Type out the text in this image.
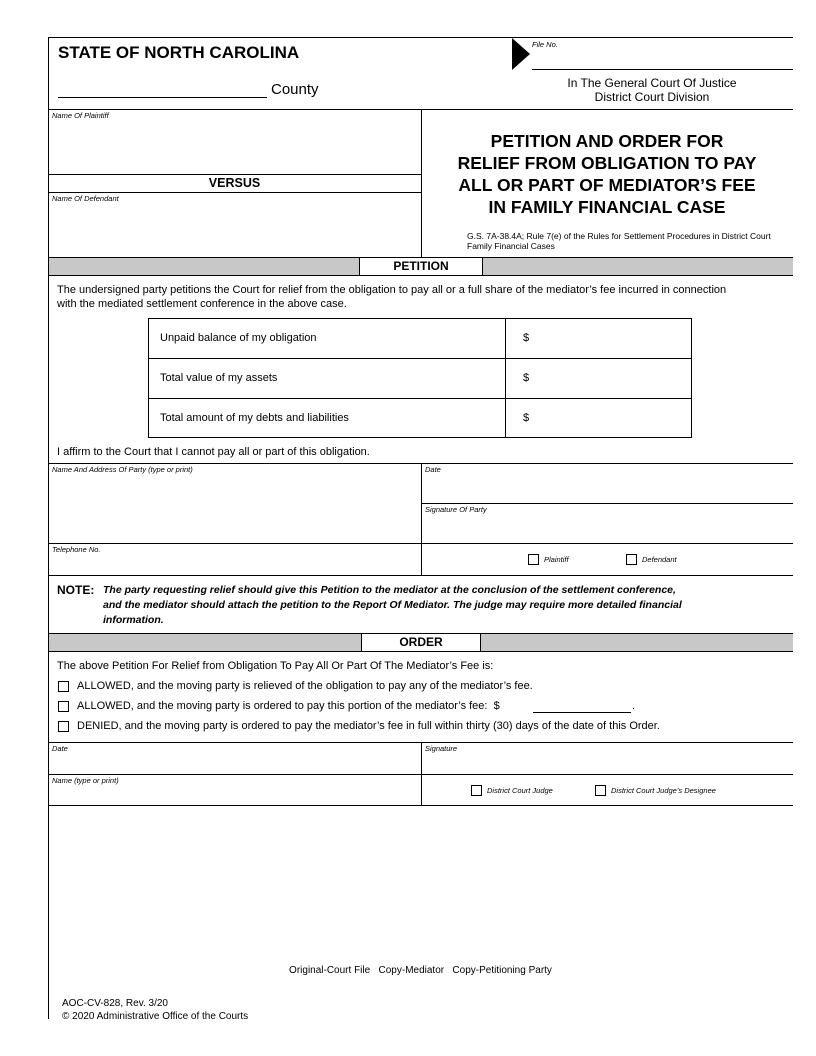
STATE OF NORTH CAROLINA
County
File No.
In The General Court Of Justice
District Court Division
Name Of Plaintiff
VERSUS
Name Of Defendant
PETITION AND ORDER FOR
RELIEF FROM OBLIGATION TO PAY
ALL OR PART OF MEDIATOR’S FEE
IN FAMILY FINANCIAL CASE
G.S. 7A-38.4A; Rule 7(e) of the Rules for Settlement Procedures in District Court Family Financial Cases
PETITION
The undersigned party petitions the Court for relief from the obligation to pay all or a full share of the mediator’s fee incurred in connection with the mediated settlement conference in the above case.
Unpaid balance of my obligation	$
Total value of my assets	$
Total amount of my debts and liabilities	$
I affirm to the Court that I cannot pay all or part of this obligation.
Name And Address Of Party (type or print)	Date
Signature Of Party
Telephone No.
Plaintiff	Defendant
NOTE: The party requesting relief should give this Petition to the mediator at the conclusion of the settlement conference,
and the mediator should attach the petition to the Report Of Mediator. The judge may require more detailed financial
information.
ORDER
The above Petition For Relief from Obligation To Pay All Or Part Of The Mediator’s Fee is:
ALLOWED, and the moving party is relieved of the obligation to pay any of the mediator’s fee.
ALLOWED, and the moving party is ordered to pay this portion of the mediator’s fee:  $	.
DENIED, and the moving party is ordered to pay the mediator’s fee in full within thirty (30) days of the date of this Order.
Date	Signature
Name (type or print)
District Court Judge	District Court Judge’s Designee
Original-Court File   Copy-Mediator   Copy-Petitioning Party
AOC-CV-828, Rev. 3/20
© 2020 Administrative Office of the Courts
